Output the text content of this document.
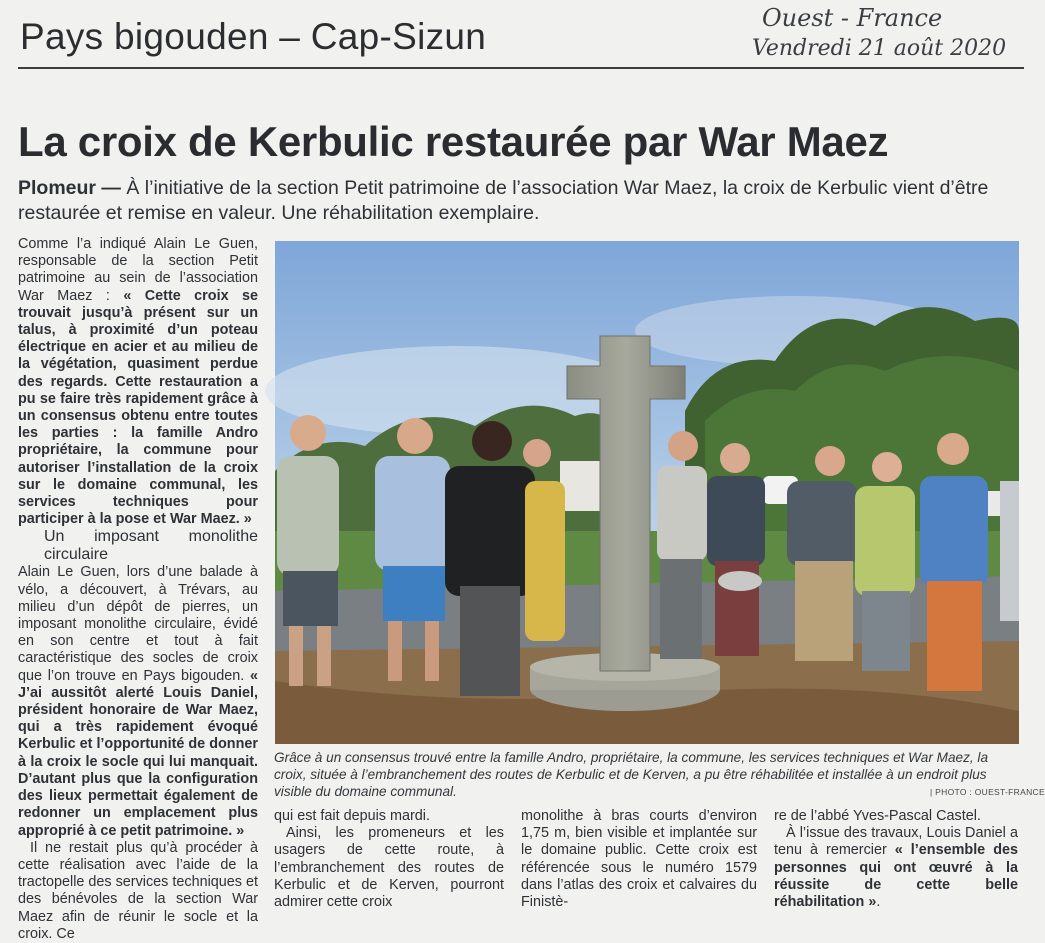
Pays bigouden – Cap-Sizun	Ouest - France
Vendredi 21 août 2020
La croix de Kerbulic restaurée par War Maez
Plomeur — À l’initiative de la section Petit patrimoine de l’association War Maez, la croix de Kerbulic vient d’être restaurée et remise en valeur. Une réhabilitation exemplaire.

Comme l’a indiqué Alain Le Guen, responsable de la section Petit patrimoine au sein de l’association War Maez : « Cette croix se trouvait jusqu’à présent sur un talus, à proximité d’un poteau électrique en acier et au milieu de la végétation, quasiment perdue des regards. Cette restauration a pu se faire très rapidement grâce à un consensus obtenu entre toutes les parties : la famille Andro propriétaire, la commune pour autoriser l’installation de la croix sur le domaine communal, les services techniques pour participer à la pose et War Maez. »

Un imposant monolithe circulaire

Alain Le Guen, lors d’une balade à vélo, a découvert, à Trévars, au milieu d’un dépôt de pierres, un imposant monolithe circulaire, évidé en son centre et tout à fait caractéristique des socles de croix que l’on trouve en Pays bigouden. « J’ai aussitôt alerté Louis Daniel, président honoraire de War Maez, qui a très rapidement évoqué Kerbulic et l’opportunité de donner à la croix le socle qui lui manquait. D’autant plus que la configuration des lieux permettait également de redonner un emplacement plus approprié à ce petit patrimoine. »

Il ne restait plus qu’à procéder à cette réalisation avec l’aide de la tractopelle des services techniques et des bénévoles de la section War Maez afin de réunir le socle et la croix. Ce

Grâce à un consensus trouvé entre la famille Andro, propriétaire, la commune, les services techniques et War Maez, la croix, située à l’embranchement des routes de Kerbulic et de Kerven, a pu être réhabilitée et installée à un endroit plus visible du domaine communal.	| PHOTO : OUEST-FRANCE

qui est fait depuis mardi.

Ainsi, les promeneurs et les usagers de cette route, à l’embranchement des routes de Kerbulic et de Kerven, pourront admirer cette croix

monolithe à bras courts d’environ 1,75 m, bien visible et implantée sur le domaine public. Cette croix est référencée sous le numéro 1579 dans l’atlas des croix et calvaires du Finistè-

re de l’abbé Yves-Pascal Castel.

À l’issue des travaux, Louis Daniel a tenu à remercier « l’ensemble des personnes qui ont œuvré à la réussite de cette belle réhabilitation ».
